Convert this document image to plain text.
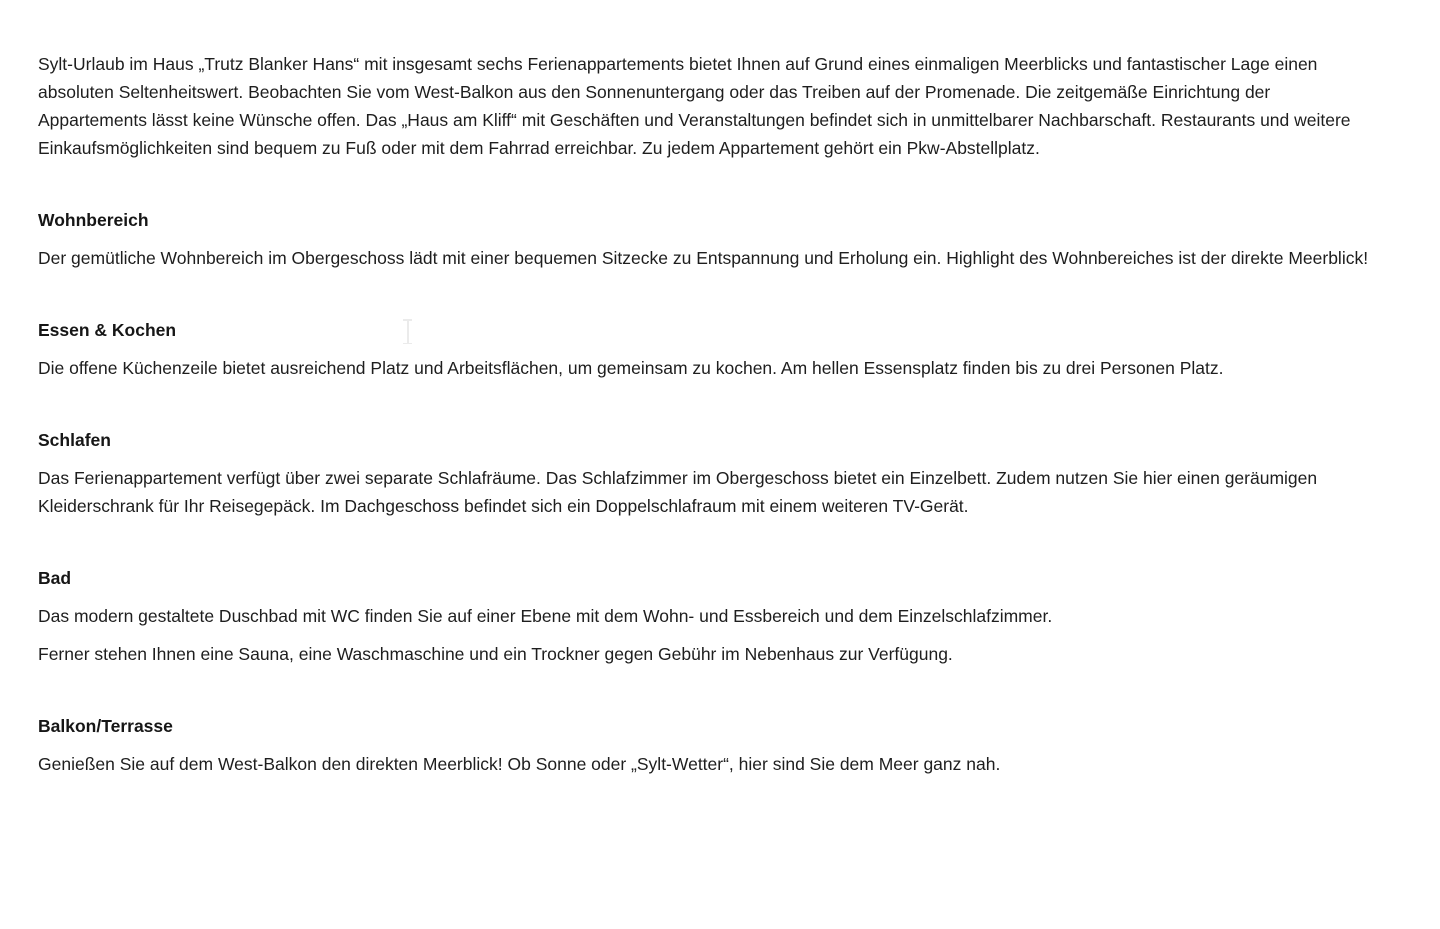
Sylt-Urlaub im Haus „Trutz Blanker Hans“ mit insgesamt sechs Ferienappartements bietet Ihnen auf Grund eines einmaligen Meerblicks und fantastischer Lage einen absoluten Seltenheitswert. Beobachten Sie vom West-Balkon aus den Sonnenuntergang oder das Treiben auf der Promenade. Die zeitgemäße Einrichtung der Appartements lässt keine Wünsche offen. Das „Haus am Kliff“ mit Geschäften und Veranstaltungen befindet sich in unmittelbarer Nachbarschaft. Restaurants und weitere Einkaufsmöglichkeiten sind bequem zu Fuß oder mit dem Fahrrad erreichbar. Zu jedem Appartement gehört ein Pkw-Abstellplatz.

Wohnbereich

Der gemütliche Wohnbereich im Obergeschoss lädt mit einer bequemen Sitzecke zu Entspannung und Erholung ein. Highlight des Wohnbereiches ist der direkte Meerblick!

Essen & Kochen

Die offene Küchenzeile bietet ausreichend Platz und Arbeitsflächen, um gemeinsam zu kochen. Am hellen Essensplatz finden bis zu drei Personen Platz.

Schlafen

Das Ferienappartement verfügt über zwei separate Schlafräume. Das Schlafzimmer im Obergeschoss bietet ein Einzelbett. Zudem nutzen Sie hier einen geräumigen Kleiderschrank für Ihr Reisegepäck. Im Dachgeschoss befindet sich ein Doppelschlafraum mit einem weiteren TV-Gerät.

Bad

Das modern gestaltete Duschbad mit WC finden Sie auf einer Ebene mit dem Wohn- und Essbereich und dem Einzelschlafzimmer.

Ferner stehen Ihnen eine Sauna, eine Waschmaschine und ein Trockner gegen Gebühr im Nebenhaus zur Verfügung.

Balkon/Terrasse

Genießen Sie auf dem West-Balkon den direkten Meerblick! Ob Sonne oder „Sylt-Wetter“, hier sind Sie dem Meer ganz nah.
